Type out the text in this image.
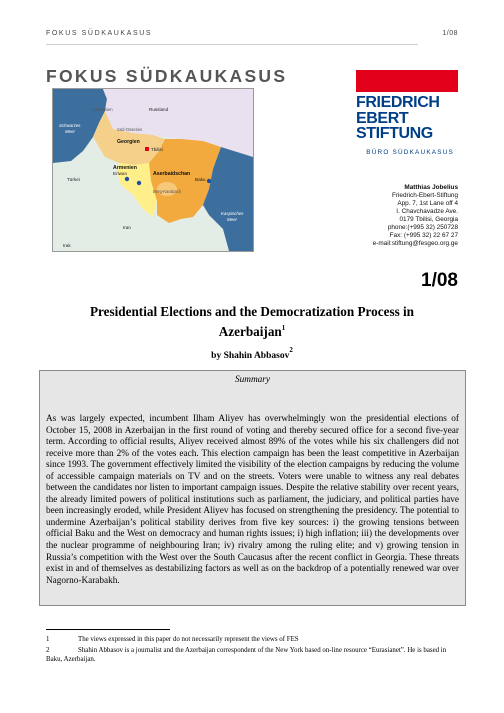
FOKUS SÜDKAUKASUS	1/08
FOKUS SÜDKAUKASUS
Russland
Schwarzes
Meer
Abchasien
Süd-Ossetien
Georgien
Tbilisi
Armenien
Eriwan
Türkei
Aserbaidschan
Berg-Karabach
Baku
Iran
Irak
Kaspisches
Meer
FRIEDRICH
EBERT
STIFTUNG
BÜRO SÜDKAUKASUS
Matthias Jobelius
Friedrich-Ebert-Stiftung
App. 7, 1st Lane off 4
I. Chavchavadze Ave.
0179 Tbilisi, Georgia
phone:(+995 32) 250728
Fax: (+995 32) 22 67 27
e-mail:stiftung@fesgeo.org.ge
1/08
Presidential Elections and the Democratization Process in
Azerbaijan$^1$
by Shahin Abbasov$^2$
Summary

As was largely expected, incumbent Ilham Aliyev has overwhelmingly won the presidential elections of October 15, 2008 in Azerbaijan in the first round of voting and thereby secured office for a second five-year term. According to official results, Aliyev received almost 89% of the votes while his six challengers did not receive more than 2% of the votes each. This election campaign has been the least competitive in Azerbaijan since 1993. The government effectively limited the visibility of the election campaigns by reducing the volume of accessible campaign materials on TV and on the streets. Voters were unable to witness any real debates between the candidates nor listen to important campaign issues. Despite the relative stability over recent years, the already limited powers of political institutions such as parliament, the judiciary, and political parties have been increasingly eroded, while President Aliyev has focused on strengthening the presidency. The potential to undermine Azerbaijan’s political stability derives from five key sources: i) the growing tensions between official Baku and the West on democracy and human rights issues; i) high inflation; iii) the developments over the nuclear programme of neighbouring Iran; iv) rivalry among the ruling elite; and v) growing tension in Russia’s competition with the West over the South Caucasus after the recent conflict in Georgia. These threats exist in and of themselves as destabilizing factors as well as on the backdrop of a potentially renewed war over Nagorno-Karabakh.

1	The views expressed in this paper do not necessarily represent the views of FES
2	Shahin Abbasov is a journalist and the Azerbaijan correspondent of the New York based on-line resource “Eurasianet”. He is based in Baku, Azerbaijan.
